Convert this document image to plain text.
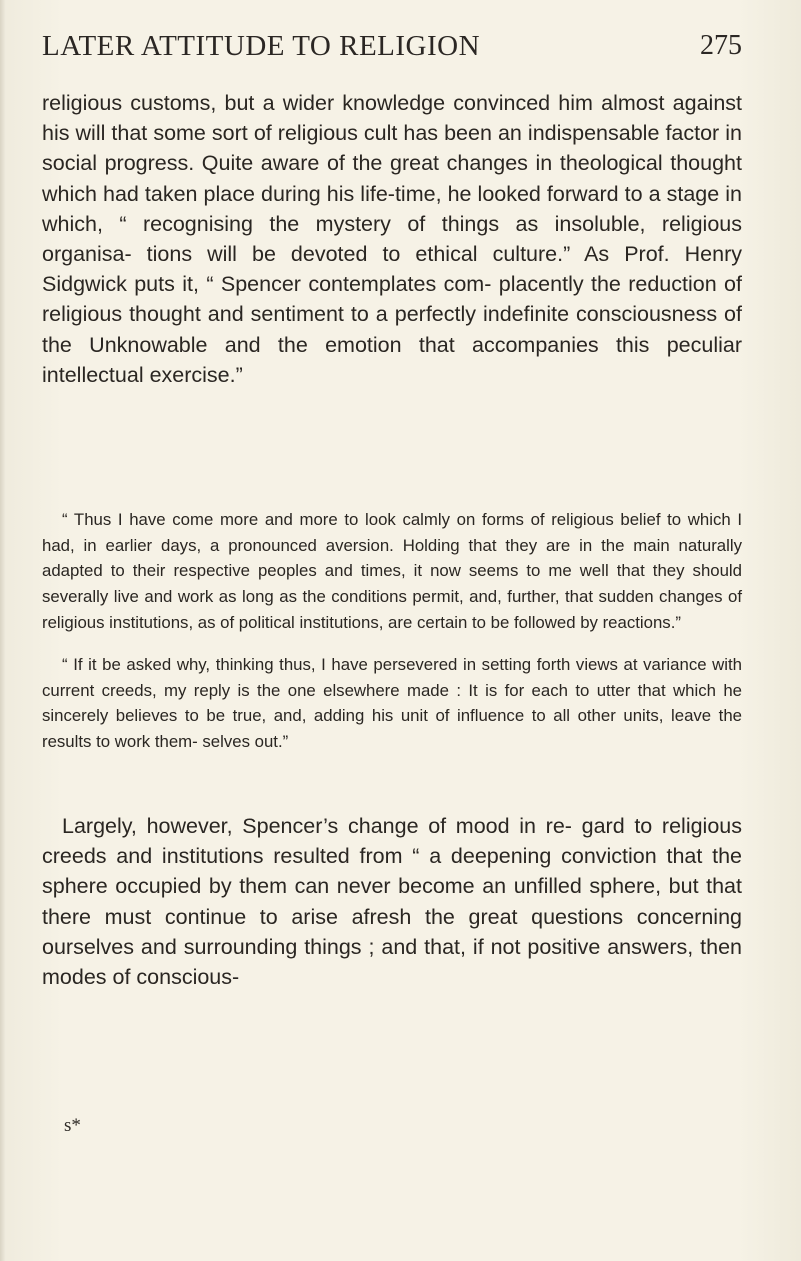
LATER ATTITUDE TO RELIGION	275

religious customs, but a wider knowledge convinced him almost against his will that some sort of religious cult has been an indispensable factor in social progress. Quite aware of the great changes in theological thought which had taken place during his life-time, he looked forward to a stage in which, “ recognising the mystery of things as insoluble, religious organisa- tions will be devoted to ethical culture.” As Prof. Henry Sidgwick puts it, “ Spencer contemplates com- placently the reduction of religious thought and sentiment to a perfectly indefinite consciousness of the Unknowable and the emotion that accompanies this peculiar intellectual exercise.”

“ Thus I have come more and more to look calmly on forms of religious belief to which I had, in earlier days, a pronounced aversion. Holding that they are in the main naturally adapted to their respective peoples and times, it now seems to me well that they should severally live and work as long as the conditions permit, and, further, that sudden changes of religious institutions, as of political institutions, are certain to be followed by reactions.”

“ If it be asked why, thinking thus, I have persevered in setting forth views at variance with current creeds, my reply is the one elsewhere made : It is for each to utter that which he sincerely believes to be true, and, adding his unit of influence to all other units, leave the results to work them- selves out.”

Largely, however, Spencer’s change of mood in re- gard to religious creeds and institutions resulted from “ a deepening conviction that the sphere occupied by them can never become an unfilled sphere, but that there must continue to arise afresh the great questions concerning ourselves and surrounding things ; and that, if not positive answers, then modes of conscious-

s*
